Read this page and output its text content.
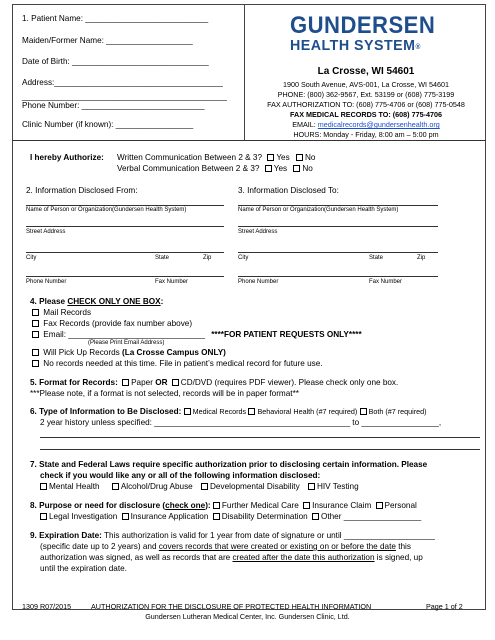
1. Patient Name: ___________________________
Maiden/Former Name: ___________________
Date of Birth: ______________________________
Address:_____________________________________
_____________________________________________
Phone Number: ___________________________
Clinic Number (if known): _________________
GUNDERSEN
HEALTH SYSTEM®
La Crosse, WI 54601
1900 South Avenue, AVS-001, La Crosse, WI 54601
PHONE: (800) 362-9567, Ext. 53199 or (608) 775-3199
FAX AUTHORIZATION TO: (608) 775-4706 or (608) 775-0548
FAX MEDICAL RECORDS TO: (608) 775-4706
EMAIL: medicalrecords@gundersenhealth.org
HOURS: Monday - Friday, 8:00 am – 5:00 pm
I hereby Authorize: Written Communication Between 2 & 3? Yes No
Verbal Communication Between 2 & 3? Yes No
2. Information Disclosed From:
Name of Person or Organization(Gundersen Health System)
Street Address
City	State	Zip
Phone Number	Fax Number
3. Information Disclosed To:
Name of Person or Organization(Gundersen Health System)
Street Address
City	State	Zip
Phone Number	Fax Number
4. Please CHECK ONLY ONE BOX:
Mail Records
Fax Records (provide fax number above)
Email: ______________________________ ****FOR PATIENT REQUESTS ONLY****
(Please Print Email Address)
Will Pick Up Records (La Crosse Campus ONLY)
No records needed at this time. File in patient’s medical record for future use.
5. Format for Records: Paper OR CD/DVD (requires PDF viewer). Please check only one box.
***Please note, if a format is not selected, records will be in paper format**
6. Type of Information to Be Disclosed: Medical Records Behavioral Health (#7 required) Both (#7 required)
2 year history unless specified: ___________________________________________ to _________________,
7. State and Federal Laws require specific authorization prior to disclosing certain information. Please
check if you would like any or all of the following information disclosed:
Mental Health	Alcohol/Drug Abuse Developmental Disability HIV Testing
8. Purpose or need for disclosure (check one): Further Medical Care Insurance Claim Personal
Legal Investigation Insurance Application Disability Determination Other _________________
9. Expiration Date: This authorization is valid for 1 year from date of signature or until ____________________
(specific date up to 2 years) and covers records that were created or existing on or before the date this
authorization was signed, as well as records that are created after the date this authorization is signed, up
until the expiration date.
1309 R07/2015	AUTHORIZATION FOR THE DISCLOSURE OF PROTECTED HEALTH INFORMATION	Page 1 of 2
Gundersen Lutheran Medical Center, Inc. Gundersen Clinic, Ltd.
